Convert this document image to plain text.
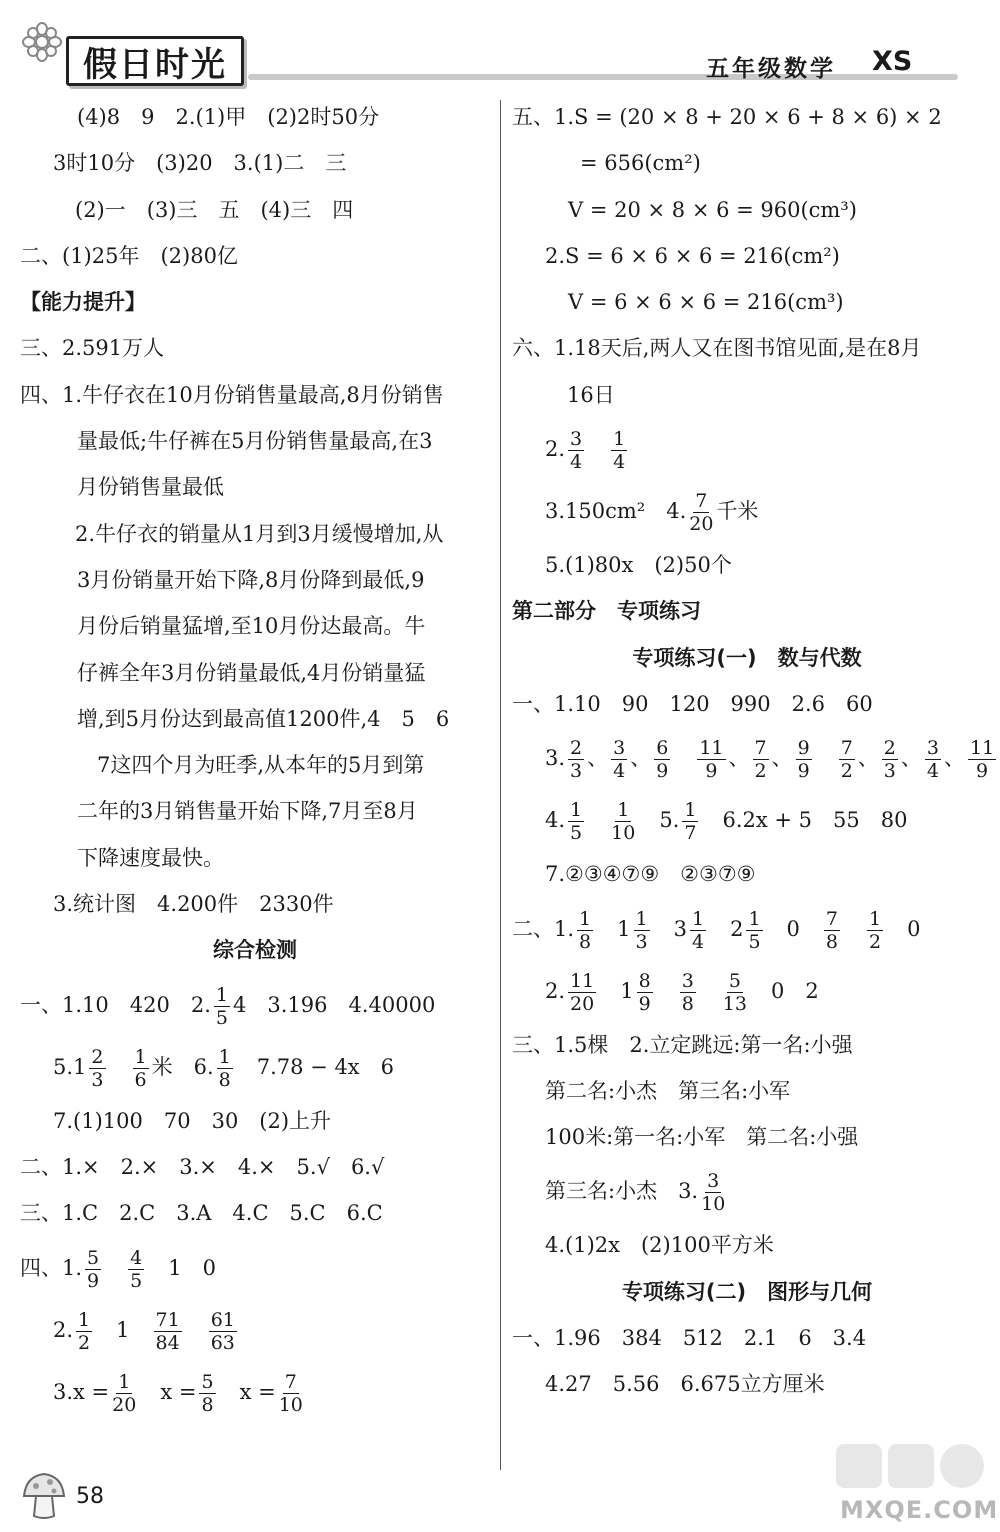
假日时光	五年级数学 XS
(4)8　9　2.(1)甲　(2)2时50分
3时10分　(3)20　3.(1)二　三
(2)一　(3)三　五　(4)三　四
二、(1)25年　(2)80亿
【能力提升】
三、2.591万人
四、1.牛仔衣在10月份销售量最高,8月份销售
量最低;牛仔裤在5月份销售量最高,在3
月份销售量最低
2.牛仔衣的销量从1月到3月缓慢增加,从
3月份销量开始下降,8月份降到最低,9
月份后销量猛增,至10月份达最高。牛
仔裤全年3月份销量最低,4月份销量猛
增,到5月份达到最高值1200件,4　5　6
7这四个月为旺季,从本年的5月到第
二年的3月销售量开始下降,7月至8月
下降速度最快。
3.统计图　4.200件　2330件
综合检测
一、1.10　420　2. $\frac{1}{5} 4$　3.196　4.40000
$5.1 \frac{2}{3}$
　 $\frac{1}{6}$ 米　6. $\frac{1}{8}$
　 7.78 − 4x　6
7.(1)100　70　30　(2)上升
二、1.×　2.×　3.×　4.×　5.√　6.√
三、1.C　2.C　3.A　4.C　5.C　6.C
四、1. $\frac{5}{9}$
　 $\frac{4}{5}$
　 1　0
2. $\frac{1}{2}$
　 1　 $\frac{71}{84}$
　 $\frac{61}{63}$
$3.x = \frac{1}{20}$
　 $x = \frac{5}{8}$
　 $x = \frac{7}{10}$
五、1.S = (20 × 8 + 20 × 6 + 8 × 6) × 2
= 656(cm²)
V = 20 × 8 × 6 = 960(cm³)
2.S = 6 × 6 × 6 = 216(cm²)
V = 6 × 6 × 6 = 216(cm³)
六、1.18天后,两人又在图书馆见面,是在8月
16日
2. $\frac{3}{4}$
　 $\frac{1}{4}$
3.150cm²　4. $\frac{7}{20}$ 千米
5.(1)80x　(2)50个
第二部分　专项练习
专项练习(一)　数与代数
一、1.10　90　120　990　2.6　60
3. $\frac{2}{3}$ 、 $\frac{3}{4}$ 、 $\frac{6}{9}$
　 $\frac{11}{9}$ 、 $\frac{7}{2}$ 、 $\frac{9}{9}$
　 $\frac{7}{2}$ 、 $\frac{2}{3}$ 、 $\frac{3}{4}$ 、 $\frac{11}{9}$
4. $\frac{1}{5}$
　 $\frac{1}{10}$
　 5. $\frac{1}{7}$
　 6.2x + 5　55　80
7.②③④⑦⑨　②③⑦⑨
二、1. $\frac{1}{8}$
　 $1 \frac{1}{3}$
　 $3 \frac{1}{4}$
　 $2 \frac{1}{5}$
　 0　 $\frac{7}{8}$
　 $\frac{1}{2}$
　 0
2. $\frac{11}{20}$
　 $1 \frac{8}{9}$
　 $\frac{3}{8}$
　 $\frac{5}{13}$
　 0　2
三、1.5棵　2.立定跳远:第一名:小强
第二名:小杰　第三名:小军
100米:第一名:小军　第二名:小强
第三名:小杰　3. $\frac{3}{10}$
4.(1)2x　(2)100平方米
专项练习(二)　图形与几何
一、1.96　384　512　2.1　6　3.4
4.27　5.56　6.675立方厘米
58	MXQE.COM
